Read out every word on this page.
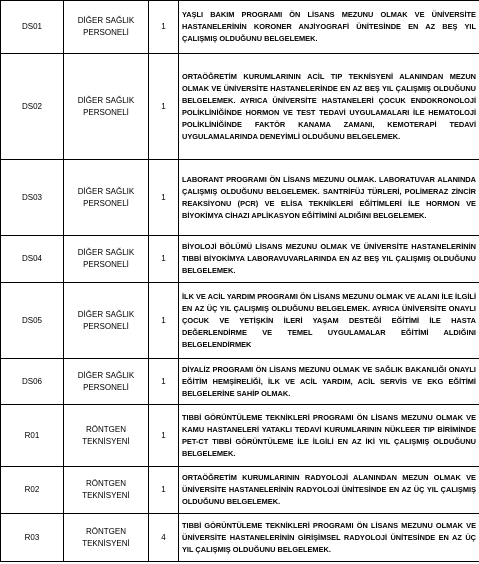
DS01	DİĞER SAĞLIK PERSONELİ	1	YAŞLI BAKIM PROGRAMI ÖN LİSANS MEZUNU OLMAK VE ÜNİVERSİTE HASTANELERİNİN KORONER ANJİYOGRAFİ ÜNİTESİNDE EN AZ BEŞ YIL ÇALIŞMIŞ OLDUĞUNU BELGELEMEK.
DS02	DİĞER SAĞLIK PERSONELİ	1	ORTAÖĞRETİM KURUMLARININ ACİL TIP TEKNİSYENİ ALANINDAN MEZUN OLMAK VE ÜNİVERSİTE HASTANELERİNDE EN AZ BEŞ YIL ÇALIŞMIŞ OLDUĞUNU BELGELEMEK. AYRICA ÜNİVERSİTE HASTANELERİ ÇOCUK ENDOKRONOLOJİ POLİKLİNİĞİNDE HORMON VE TEST TEDAVİ UYGULAMALARI İLE HEMATOLOJİ POLİKLİNİĞİNDE FAKTÖR KANAMA ZAMANI, KEMOTERAPİ TEDAVİ UYGULAMALARINDA DENEYİMLİ OLDUĞUNU BELGELEMEK.
DS03	DİĞER SAĞLIK PERSONELİ	1	LABORANT PROGRAMI ÖN LİSANS MEZUNU OLMAK. LABORATUVAR ALANINDA ÇALIŞMIŞ OLDUĞUNU BELGELEMEK. SANTRİFÜJ TÜRLERİ, POLİMERAZ ZİNCİR REAKSİYONU (PCR) VE ELİSA TEKNİKLERİ EĞİTİMLERİ İLE HORMON VE BİYOKİMYA CİHAZI APLİKASYON EĞİTİMİNİ ALDIĞINI BELGELEMEK.
DS04	DİĞER SAĞLIK PERSONELİ	1	BİYOLOJİ BÖLÜMÜ LİSANS MEZUNU OLMAK VE ÜNİVERSİTE HASTANELERİNİN TIBBİ BİYOKİMYA LABORAVUVARLARINDA EN AZ BEŞ YIL ÇALIŞMIŞ OLDUĞUNU BELGELEMEK.
DS05	DİĞER SAĞLIK PERSONELİ	1	İLK VE ACİL YARDIM PROGRAMI ÖN LİSANS MEZUNU OLMAK VE ALANI İLE İLGİLİ EN AZ ÜÇ YIL ÇALIŞMIŞ OLDUĞUNU BELGELEMEK. AYRICA ÜNİVERSİTE ONAYLI ÇOCUK VE YETİŞKİN İLERİ YAŞAM DESTEĞİ EĞİTİMİ İLE HASTA DEĞERLENDİRME VE TEMEL UYGULAMALAR EĞİTİMİ ALDIĞINI BELGELENDİRMEK
DS06	DİĞER SAĞLIK PERSONELİ	1	DİYALİZ PROGRAMI ÖN LİSANS MEZUNU OLMAK VE SAĞLIK BAKANLIĞI ONAYLI EĞİTİM HEMŞİRELİĞİ, İLK VE ACİL YARDIM, ACİL SERVİS VE EKG EĞİTİMİ BELGELERİNE SAHİP OLMAK.
R01	RÖNTGEN TEKNİSYENİ	1	TIBBİ GÖRÜNTÜLEME TEKNİKLERİ PROGRAMI ÖN LİSANS MEZUNU OLMAK VE KAMU HASTANELERİ YATAKLI TEDAVİ KURUMLARININ NÜKLEER TIP BİRİMİNDE PET-CT TIBBİ GÖRÜNTÜLEME İLE İLGİLİ EN AZ İKİ YIL ÇALIŞMIŞ OLDUĞUNU BELGELEMEK.
R02	RÖNTGEN TEKNİSYENİ	1	ORTAÖĞRETİM KURUMLARININ RADYOLOJİ ALANINDAN MEZUN OLMAK VE ÜNİVERSİTE HASTANELERİNİN RADYOLOJİ ÜNİTESİNDE EN AZ ÜÇ YIL ÇALIŞMIŞ OLDUĞUNU BELGELEMEK.
R03	RÖNTGEN TEKNİSYENİ	4	TIBBİ GÖRÜNTÜLEME TEKNİKLERİ PROGRAMI ÖN LİSANS MEZUNU OLMAK VE ÜNİVERSİTE HASTANELERİNİN GİRİŞİMSEL RADYOLOJİ ÜNİTESİNDE EN AZ ÜÇ YIL ÇALIŞMIŞ OLDUĞUNU BELGELEMEK.
